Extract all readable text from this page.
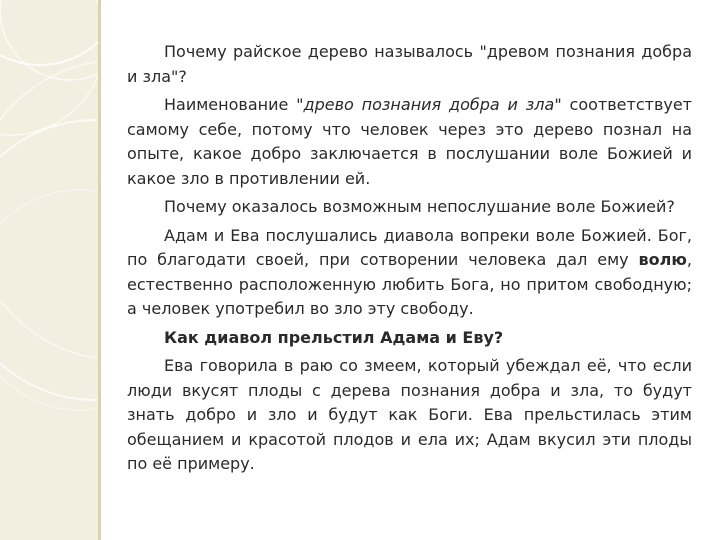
Почему райское дерево называлось "древом познания добра и зла"?

Наименование "древо познания добра и зла" соответствует самому себе, потому что человек через это дерево познал на опыте, какое добро заключается в послушании воле Божией и какое зло в противлении ей.

Почему оказалось возможным непослушание воле Божией?

Адам и Ева послушались диавола вопреки воле Божией. Бог, по благодати своей, при сотворении человека дал ему волю, естественно расположенную любить Бога, но притом свободную; а человек употребил во зло эту свободу.

Как диавол прельстил Адама и Еву?

Ева говорила в раю со змеем, который убеждал её, что если люди вкусят плоды с дерева познания добра и зла, то будут знать добро и зло и будут как Боги. Ева прельстилась этим обещанием и красотой плодов и ела их; Адам вкусил эти плоды по её примеру.
